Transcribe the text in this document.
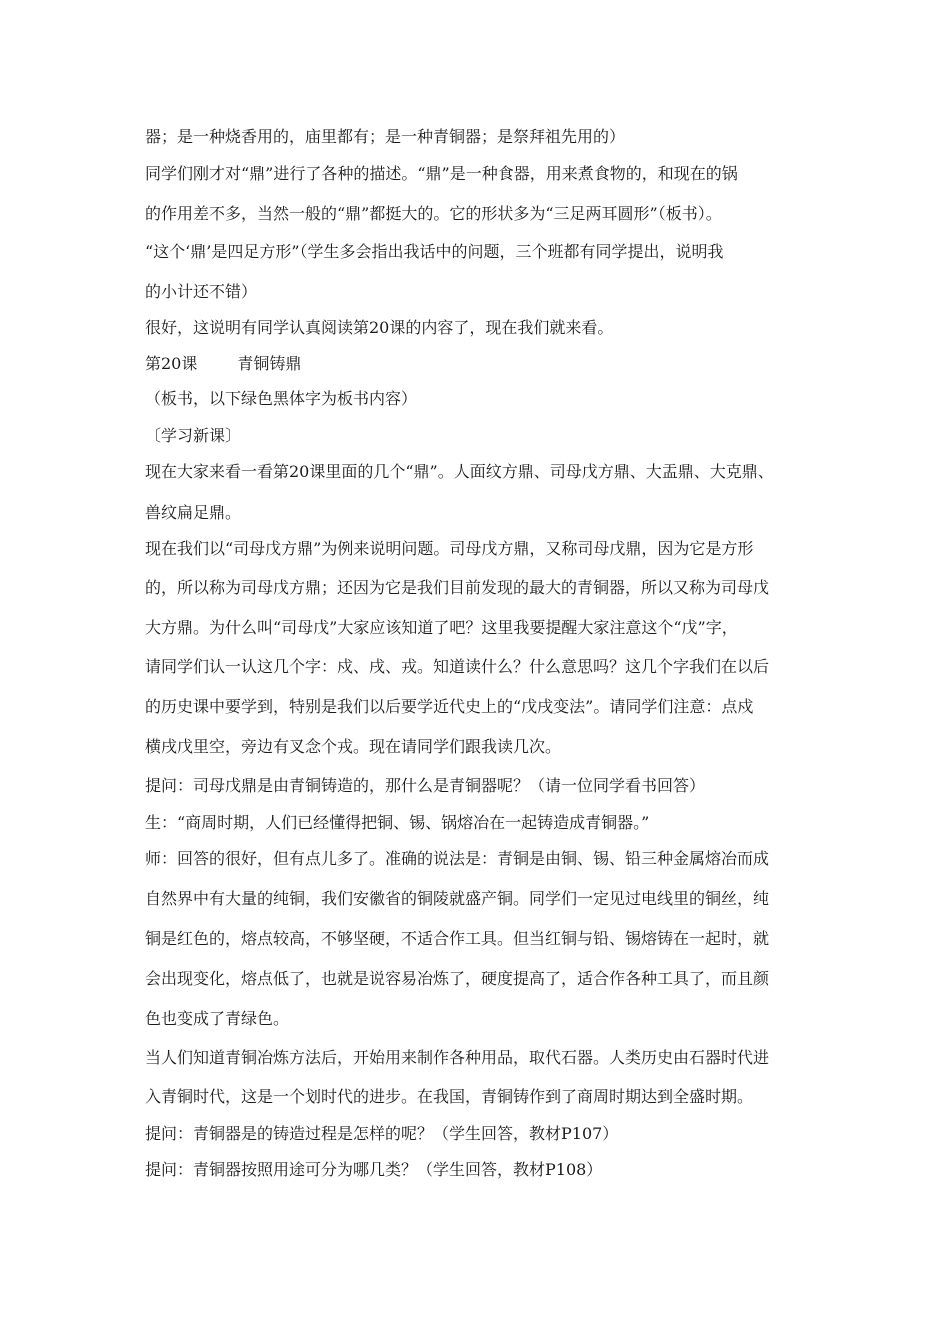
器；是一种烧香用的，庙里都有；是一种青铜器；是祭拜祖先用的）
同学们刚才对“鼎”进行了各种的描述。“鼎”是一种食器，用来煮食物的，和现在的锅
的作用差不多，当然一般的“鼎”都挺大的。它的形状多为“三足两耳圆形”（板书）。
“这个‘鼎’是四足方形”（学生多会指出我话中的问题，三个班都有同学提出，说明我
的小计还不错）
很好，这说明有同学认真阅读第20课的内容了，现在我们就来看。
第20课	青铜铸鼎
（板书，以下绿色黑体字为板书内容）
〔学习新课〕
现在大家来看一看第20课里面的几个“鼎”。人面纹方鼎、司母戊方鼎、大盂鼎、大克鼎、
兽纹扁足鼎。
现在我们以“司母戊方鼎”为例来说明问题。司母戊方鼎，又称司母戊鼎，因为它是方形
的，所以称为司母戊方鼎；还因为它是我们目前发现的最大的青铜器，所以又称为司母戊
大方鼎。为什么叫“司母戊”大家应该知道了吧？这里我要提醒大家注意这个“戊”字，
请同学们认一认这几个字：戍、戌、戎。知道读什么？什么意思吗？这几个字我们在以后
的历史课中要学到，特别是我们以后要学近代史上的“戊戌变法”。请同学们注意：点戍
横戌戊里空，旁边有叉念个戎。现在请同学们跟我读几次。
提问：司母戊鼎是由青铜铸造的，那什么是青铜器呢？（请一位同学看书回答）
生：“商周时期，人们已经懂得把铜、锡、锅熔冶在一起铸造成青铜器。”
师：回答的很好，但有点儿多了。准确的说法是：青铜是由铜、锡、铅三种金属熔冶而成
自然界中有大量的纯铜，我们安徽省的铜陵就盛产铜。同学们一定见过电线里的铜丝，纯
铜是红色的，熔点较高，不够坚硬，不适合作工具。但当红铜与铅、锡熔铸在一起时，就
会出现变化，熔点低了，也就是说容易冶炼了，硬度提高了，适合作各种工具了，而且颜
色也变成了青绿色。
当人们知道青铜冶炼方法后，开始用来制作各种用品，取代石器。人类历史由石器时代进
入青铜时代，这是一个划时代的进步。在我国，青铜铸作到了商周时期达到全盛时期。
提问：青铜器是的铸造过程是怎样的呢？（学生回答，教材P107）
提问：青铜器按照用途可分为哪几类？（学生回答，教材P108）
